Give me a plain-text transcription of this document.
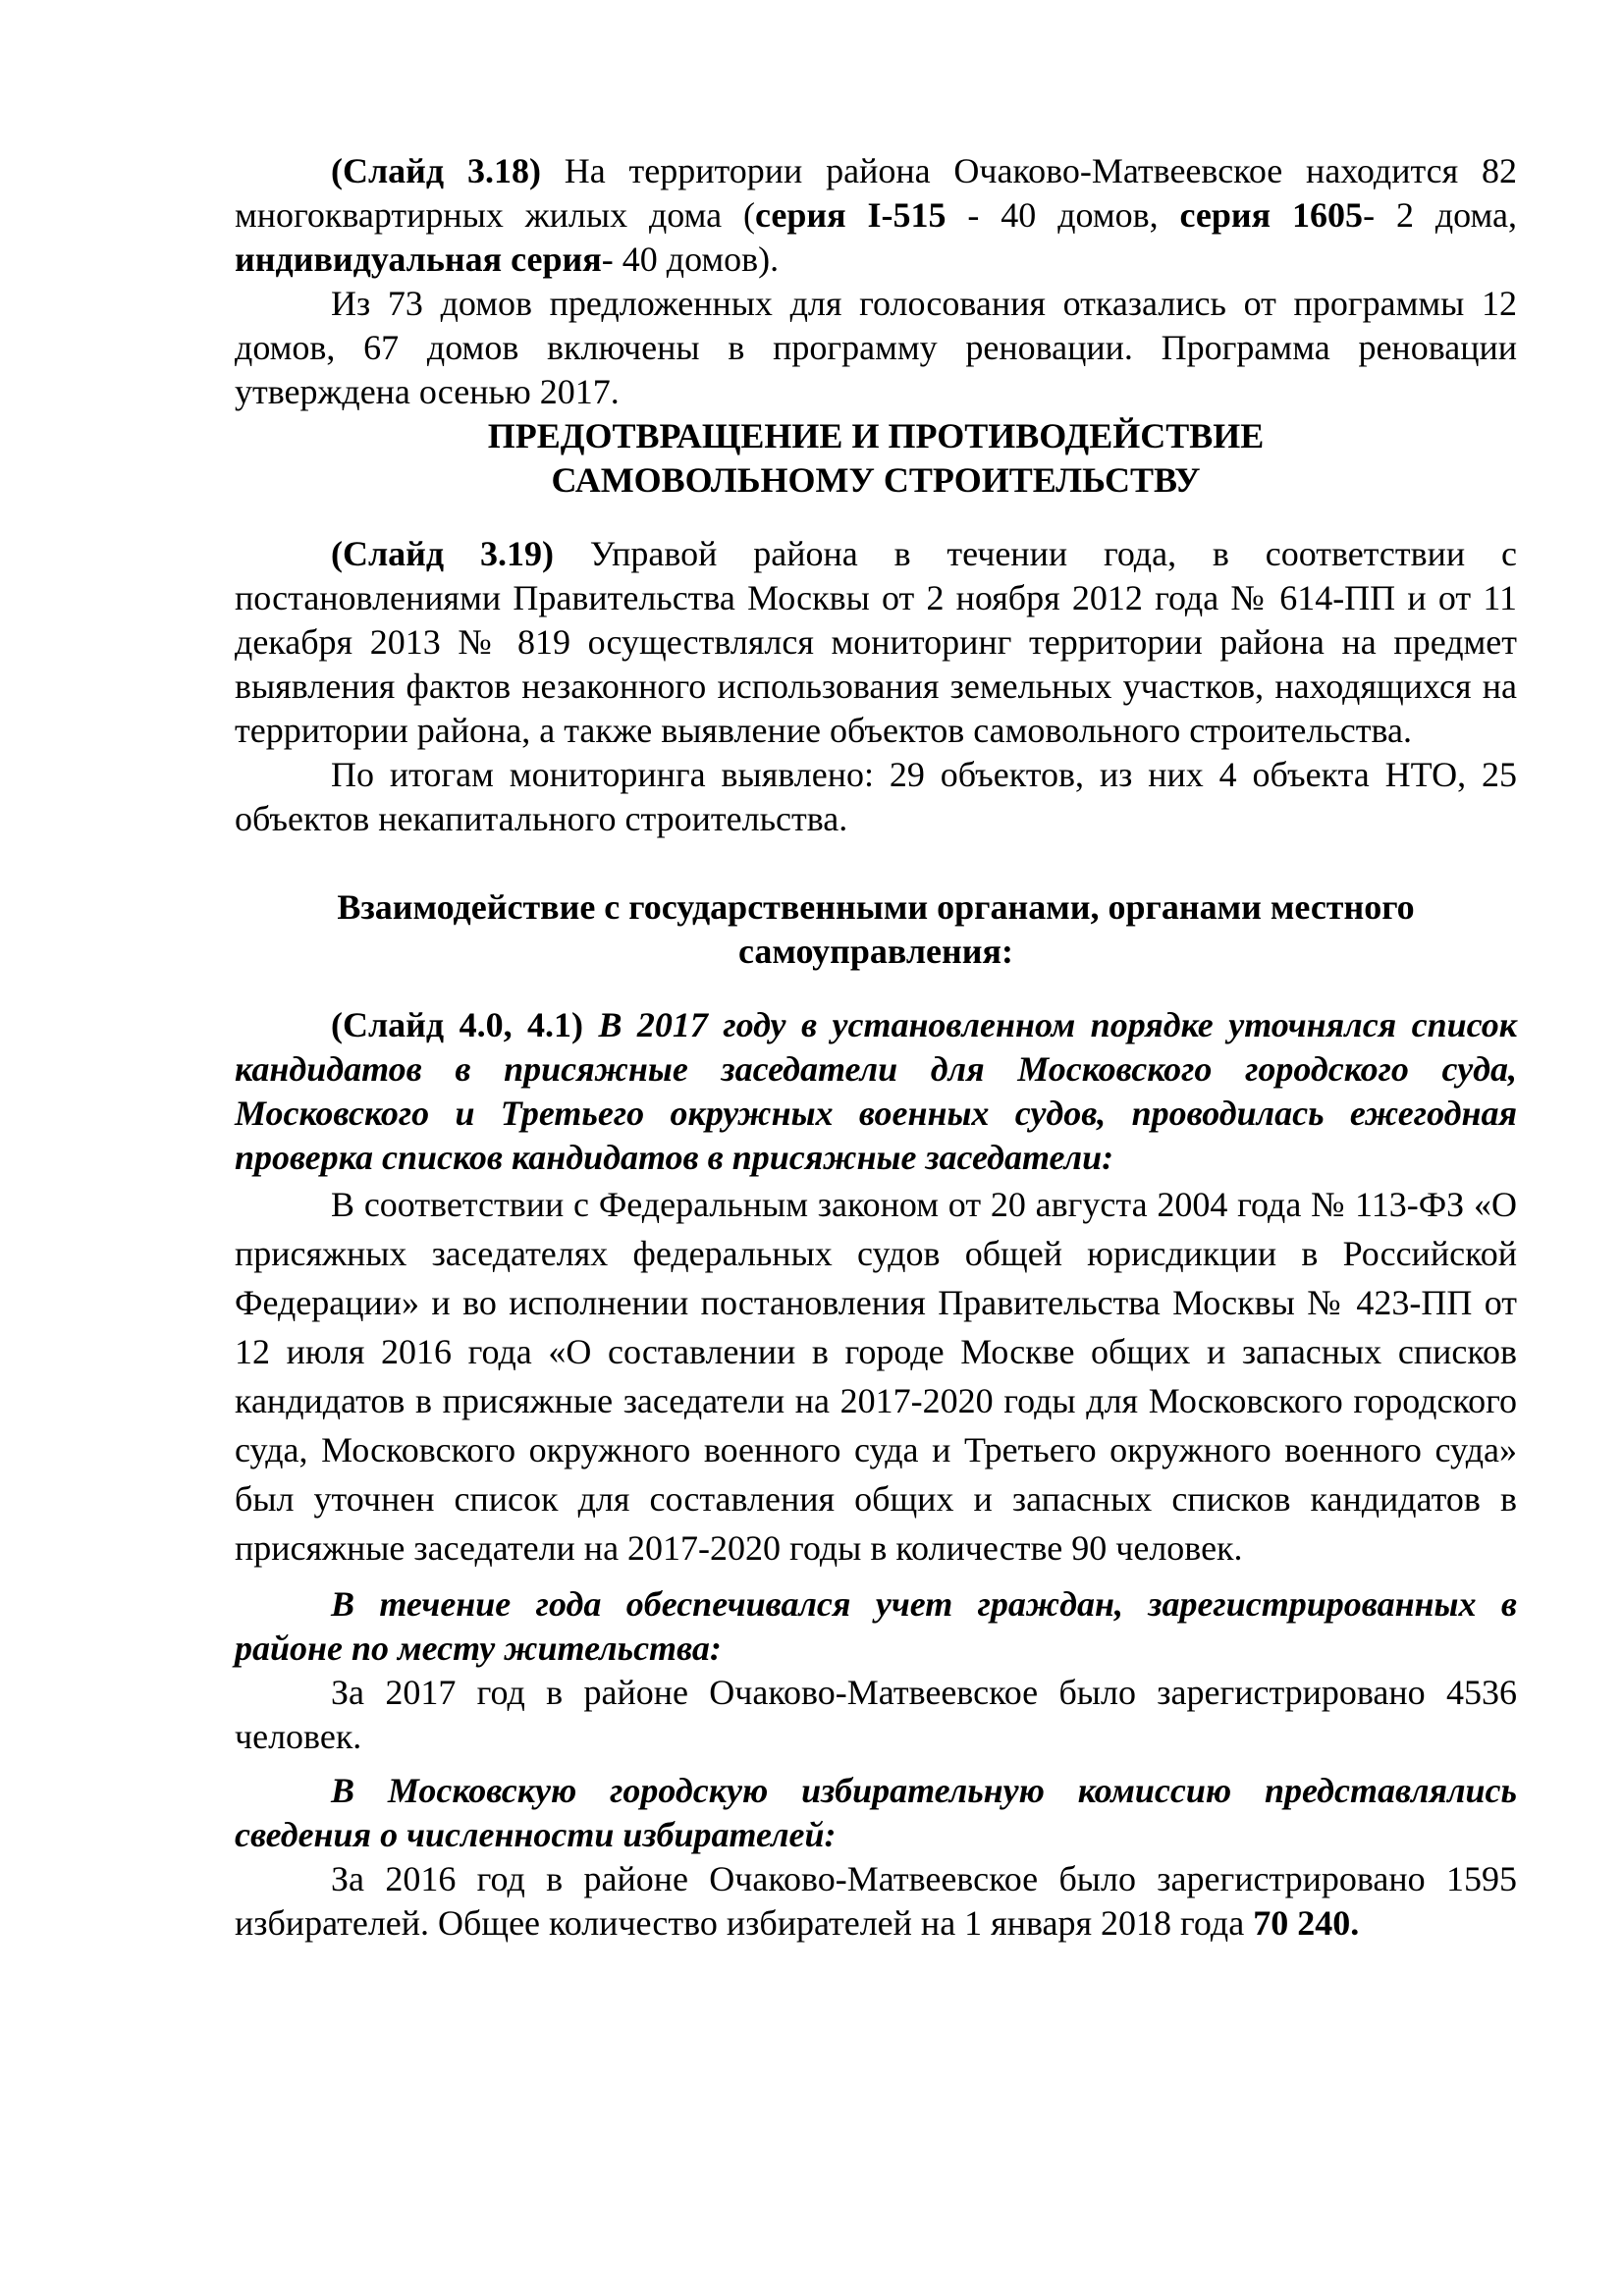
(Слайд 3.18) На территории района Очаково-Матвеевское находится 82 многоквартирных жилых дома (серия I-515 - 40 домов, серия 1605- 2 дома, индивидуальная серия- 40 домов).

Из 73 домов предложенных для голосования отказались от программы 12 домов, 67 домов включены в программу реновации. Программа реновации утверждена осенью 2017.

ПРЕДОТВРАЩЕНИЕ И ПРОТИВОДЕЙСТВИЕ
САМОВОЛЬНОМУ СТРОИТЕЛЬСТВУ

(Слайд 3.19) Управой района в течении года, в соответствии с постановлениями Правительства Москвы от 2 ноября 2012 года № 614-ПП и от 11 декабря 2013 № 819 осуществлялся мониторинг территории района на предмет выявления фактов незаконного использования земельных участков, находящихся на территории района, а также выявление объектов самовольного строительства.

По итогам мониторинга выявлено: 29 объектов, из них 4 объекта НТО, 25 объектов некапитального строительства.

Взаимодействие с государственными органами, органами местного
самоуправления:

(Слайд 4.0, 4.1) В 2017 году в установленном порядке уточнялся список кандидатов в присяжные заседатели для Московского городского суда, Московского и Третьего окружных военных судов, проводилась ежегодная проверка списков кандидатов в присяжные заседатели:

В соответствии с Федеральным законом от 20 августа 2004 года № 113-ФЗ «О присяжных заседателях федеральных судов общей юрисдикции в Российской Федерации» и во исполнении постановления Правительства Москвы № 423-ПП от 12 июля 2016 года «О составлении в городе Москве общих и запасных списков кандидатов в присяжные заседатели на 2017-2020 годы для Московского городского суда, Московского окружного военного суда и Третьего окружного военного суда» был уточнен список для составления общих и запасных списков кандидатов в присяжные заседатели на 2017-2020 годы в количестве 90 человек.

В течение года обеспечивался учет граждан, зарегистрированных в районе по месту жительства:

За 2017 год в районе Очаково-Матвеевское было зарегистрировано 4536 человек.

В Московскую городскую избирательную комиссию представлялись сведения о численности избирателей:

За 2016 год в районе Очаково-Матвеевское было зарегистрировано 1595 избирателей. Общее количество избирателей на 1 января 2018 года 70 240.
